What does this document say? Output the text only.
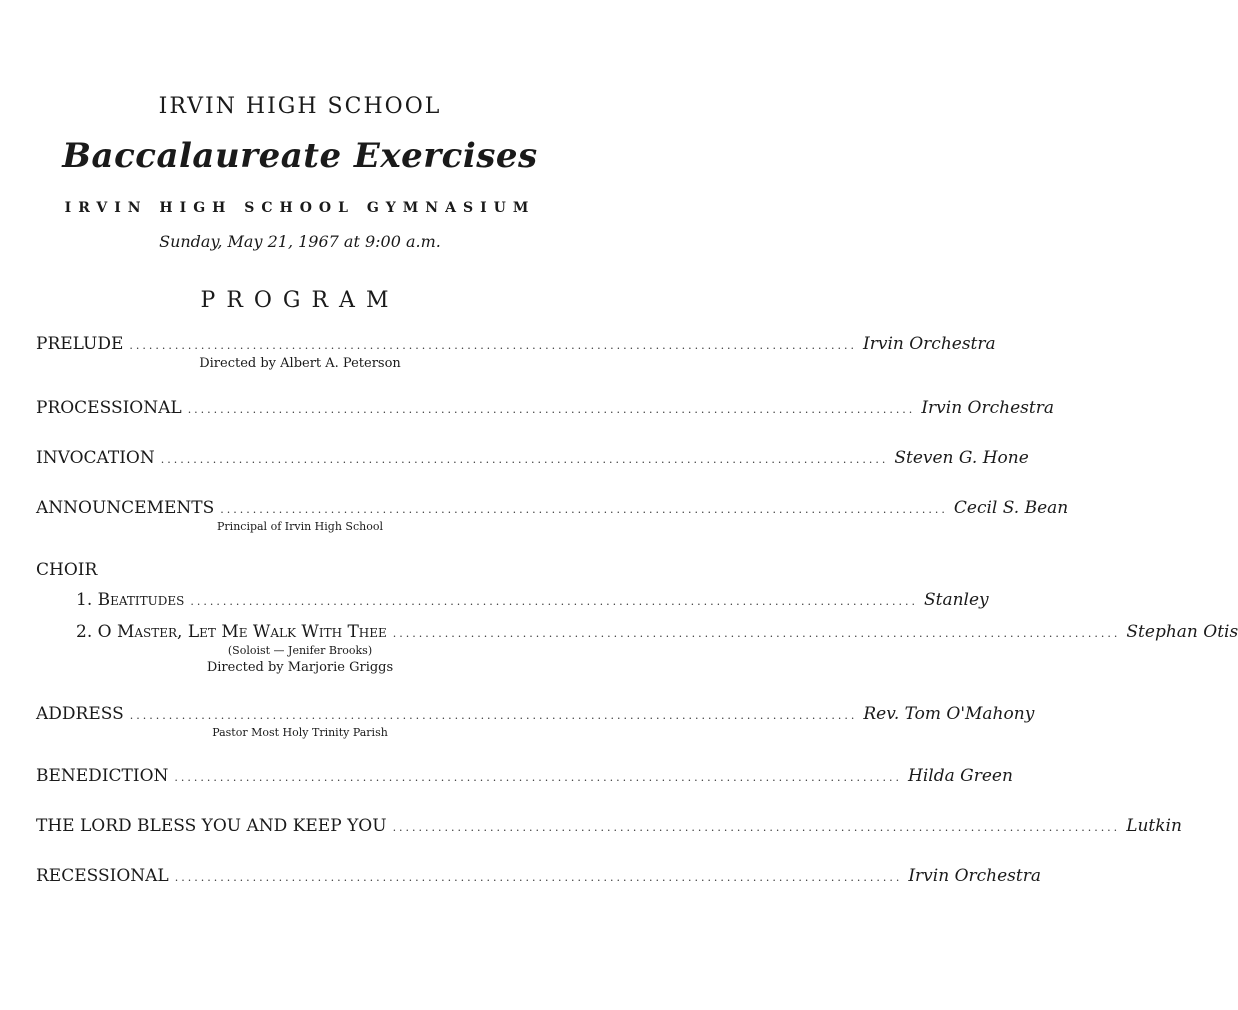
IRVIN HIGH SCHOOL
Baccalaureate Exercises
IRVIN HIGH SCHOOL GYMNASIUM
Sunday, May 21, 1967 at 9:00 a.m.
PROGRAM
PRELUDE ................................................................................................................ Irvin Orchestra
Directed by Albert A. Peterson
PROCESSIONAL ................................................................................................................ Irvin Orchestra
INVOCATION ................................................................................................................ Steven G. Hone
ANNOUNCEMENTS ................................................................................................................ Cecil S. Bean
Principal of Irvin High School
CHOIR
1. Beatitudes ................................................................................................................ Stanley
2. O Master, Let Me Walk With Thee ................................................................................................................ Stephan Otis
(Soloist — Jenifer Brooks)
Directed by Marjorie Griggs
ADDRESS ................................................................................................................ Rev. Tom O'Mahony
Pastor Most Holy Trinity Parish
BENEDICTION ................................................................................................................ Hilda Green
THE LORD BLESS YOU AND KEEP YOU ................................................................................................................ Lutkin
RECESSIONAL ................................................................................................................ Irvin Orchestra
